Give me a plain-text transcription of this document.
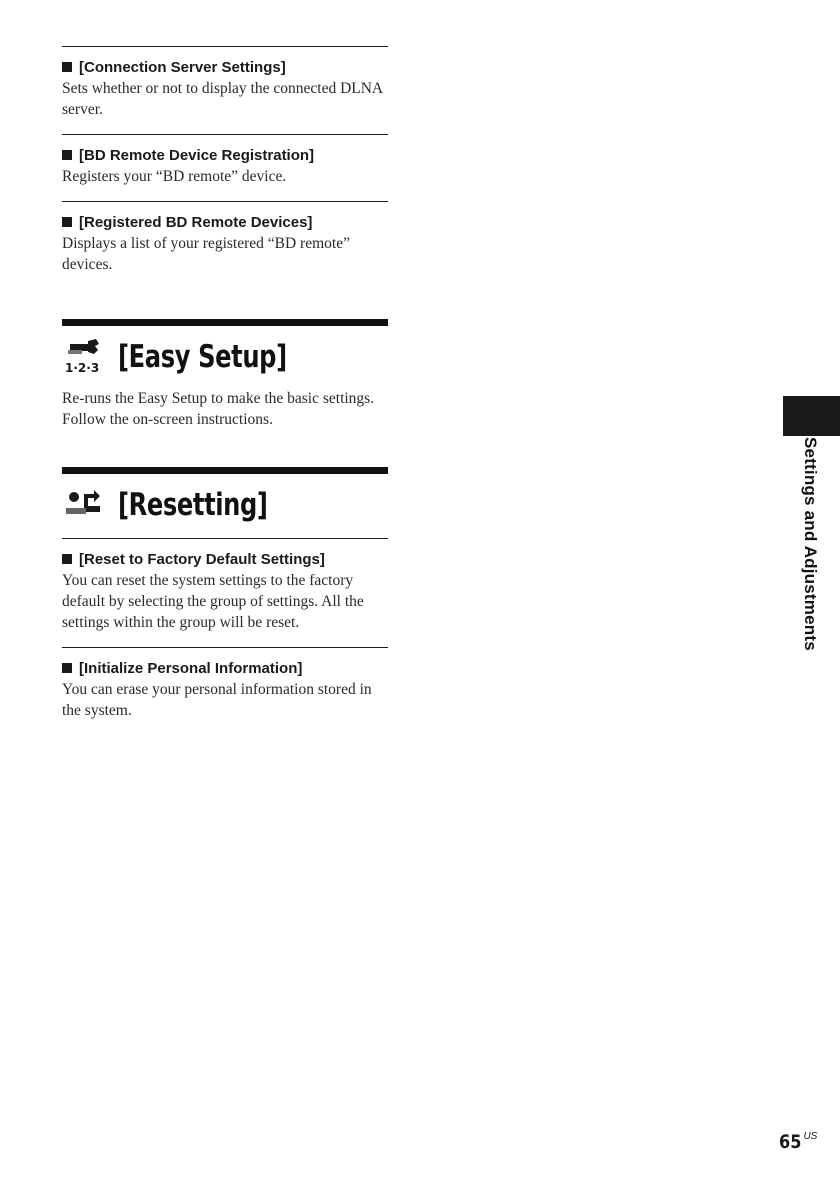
[Connection Server Settings]
Sets whether or not to display the connected DLNA server.
[BD Remote Device Registration]
Registers your “BD remote” device.
[Registered BD Remote Devices]
Displays a list of your registered “BD remote” devices.
1·2·3 [Easy Setup]
Re-runs the Easy Setup to make the basic settings. Follow the on-screen instructions.
[Resetting]
[Reset to Factory Default Settings]
You can reset the system settings to the factory default by selecting the group of settings. All the settings within the group will be reset.
[Initialize Personal Information]
You can erase your personal information stored in the system.
Settings and Adjustments
65 $^{US}$
